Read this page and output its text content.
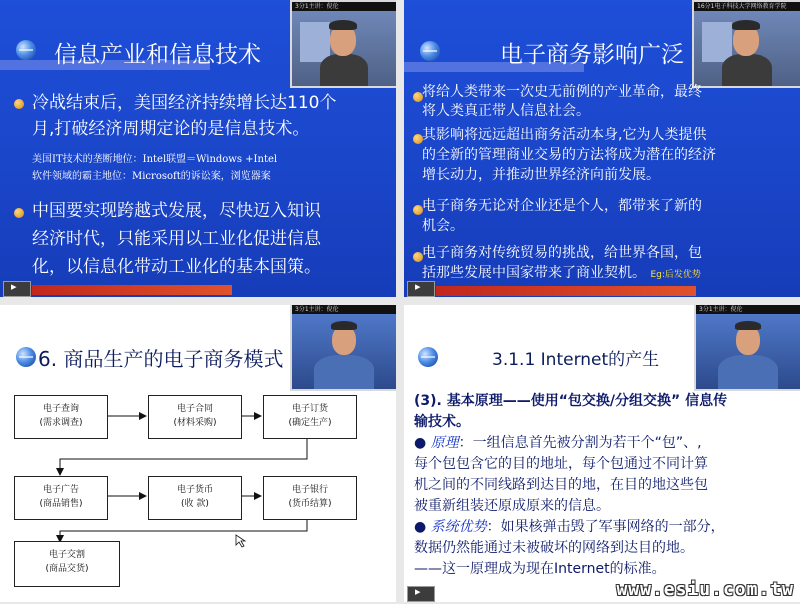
信息产业和信息技术
3分1主讲：倪伦
冷战结束后，美国经济持续增长达110个
月,打破经济周期定论的是信息技术。
美国IT技术的垄断地位：Intel联盟＝Windows +Intel
软件领域的霸主地位：Microsoft的诉讼案，浏览器案
中国要实现跨越式发展，尽快迈入知识
经济时代，只能采用以工业化促进信息
化，以信息化带动工业化的基本国策。
▸
电子商务影响广泛
16分1电子科技大学网络教育学院
将给人类带来一次史无前例的产业革命，最终
将人类真正带人信息社会。
其影响将远远超出商务活动本身,它为人类提供
的全新的管理商业交易的方法将成为潜在的经济
增长动力，并推动世界经济向前发展。
电子商务无论对企业还是个人，都带来了新的
机会。
电子商务对传统贸易的挑战，给世界各国，包
括那些发展中国家带来了商业契机。 Eg:后发优势
▸
6. 商品生产的电子商务模式
3分1主讲：倪伦
电子查询
(需求调查)
电子合同
(材料采购)
电子订货
(确定生产)
电子广告
(商品销售)
电子货币
(收 款)
电子银行
(货币结算)
电子交割
(商品交货)
3.1.1 Internet的产生
3分1主讲：倪伦
(3). 基本原理——使用“包交换/分组交换” 信息传
输技术。
● 原理：一组信息首先被分割为若干个“包”、,
每个包包含它的目的地址，每个包通过不同计算
机之间的不同线路到达目的地，在目的地这些包
被重新组装还原成原来的信息。
● 系统优势：如果核弹击毁了军事网络的一部分，
数据仍然能通过未被破坏的网络到达目的地。
——这一原理成为现在Internet的标准。
▸
www.esiu.com.tw
